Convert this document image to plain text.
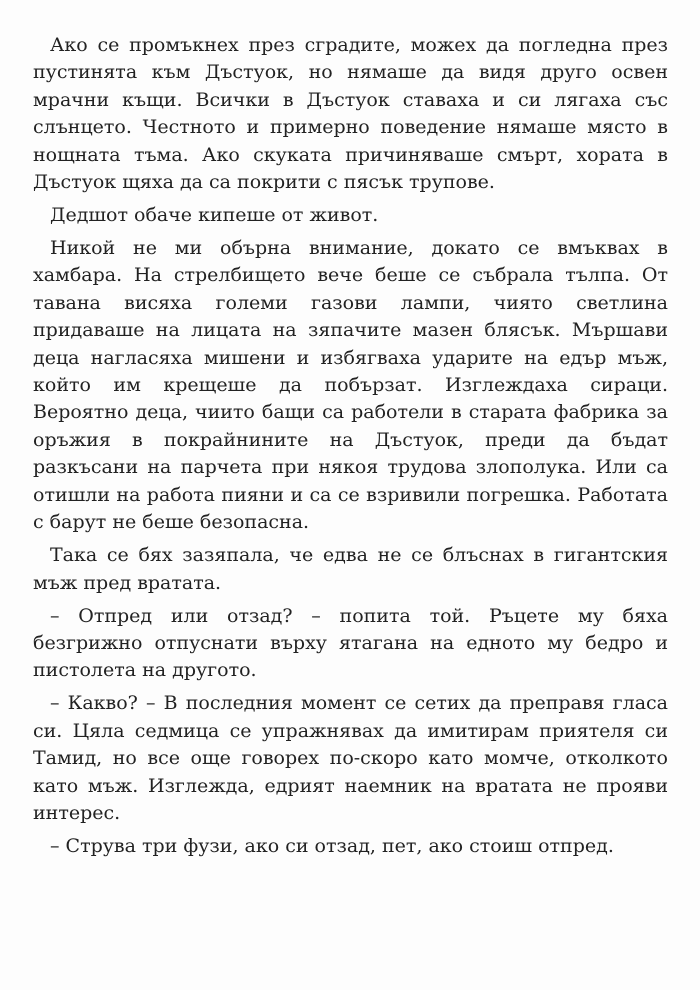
Ако се промъкнех през сградите, можех да погледна през пустинята към Дъстуок, но нямаше да видя друго освен мрачни къщи. Всички в Дъстуок ставаха и си лягаха със слънцето. Честното и примерно поведение нямаше място в нощната тъма. Ако скуката причиняваше смърт, хората в Дъстуок щяха да са покрити с пясък трупове.

Дедшот обаче кипеше от живот.

Никой не ми обърна внимание, докато се вмъквах в хамбара. На стрелбището вече беше се събрала тълпа. От тавана висяха големи газови лампи, чиято светлина придаваше на лицата на зяпачите мазен блясък. Мършави деца нагласяха мишени и избягваха ударите на едър мъж, който им крещеше да побързат. Изглеждаха сираци. Вероятно деца, чиито бащи са работели в старата фабрика за оръжия в покрайнините на Дъстуок, преди да бъдат разкъсани на парчета при някоя трудова злополука. Или са отишли на работа пияни и са се взривили погрешка. Работата с барут не беше безопасна.

Така се бях зазяпала, че едва не се блъснах в гигантския мъж пред вратата.

– Отпред или отзад? – попита той. Ръцете му бяха безгрижно отпуснати върху ятагана на едното му бедро и пистолета на другото.

– Какво? – В последния момент се сетих да преправя гласа си. Цяла седмица се упражнявах да имитирам приятеля си Тамид, но все още говорех по-скоро като момче, отколкото като мъж. Изглежда, едрият наемник на вратата не прояви интерес.

– Струва три фузи, ако си отзад, пет, ако стоиш отпред.
